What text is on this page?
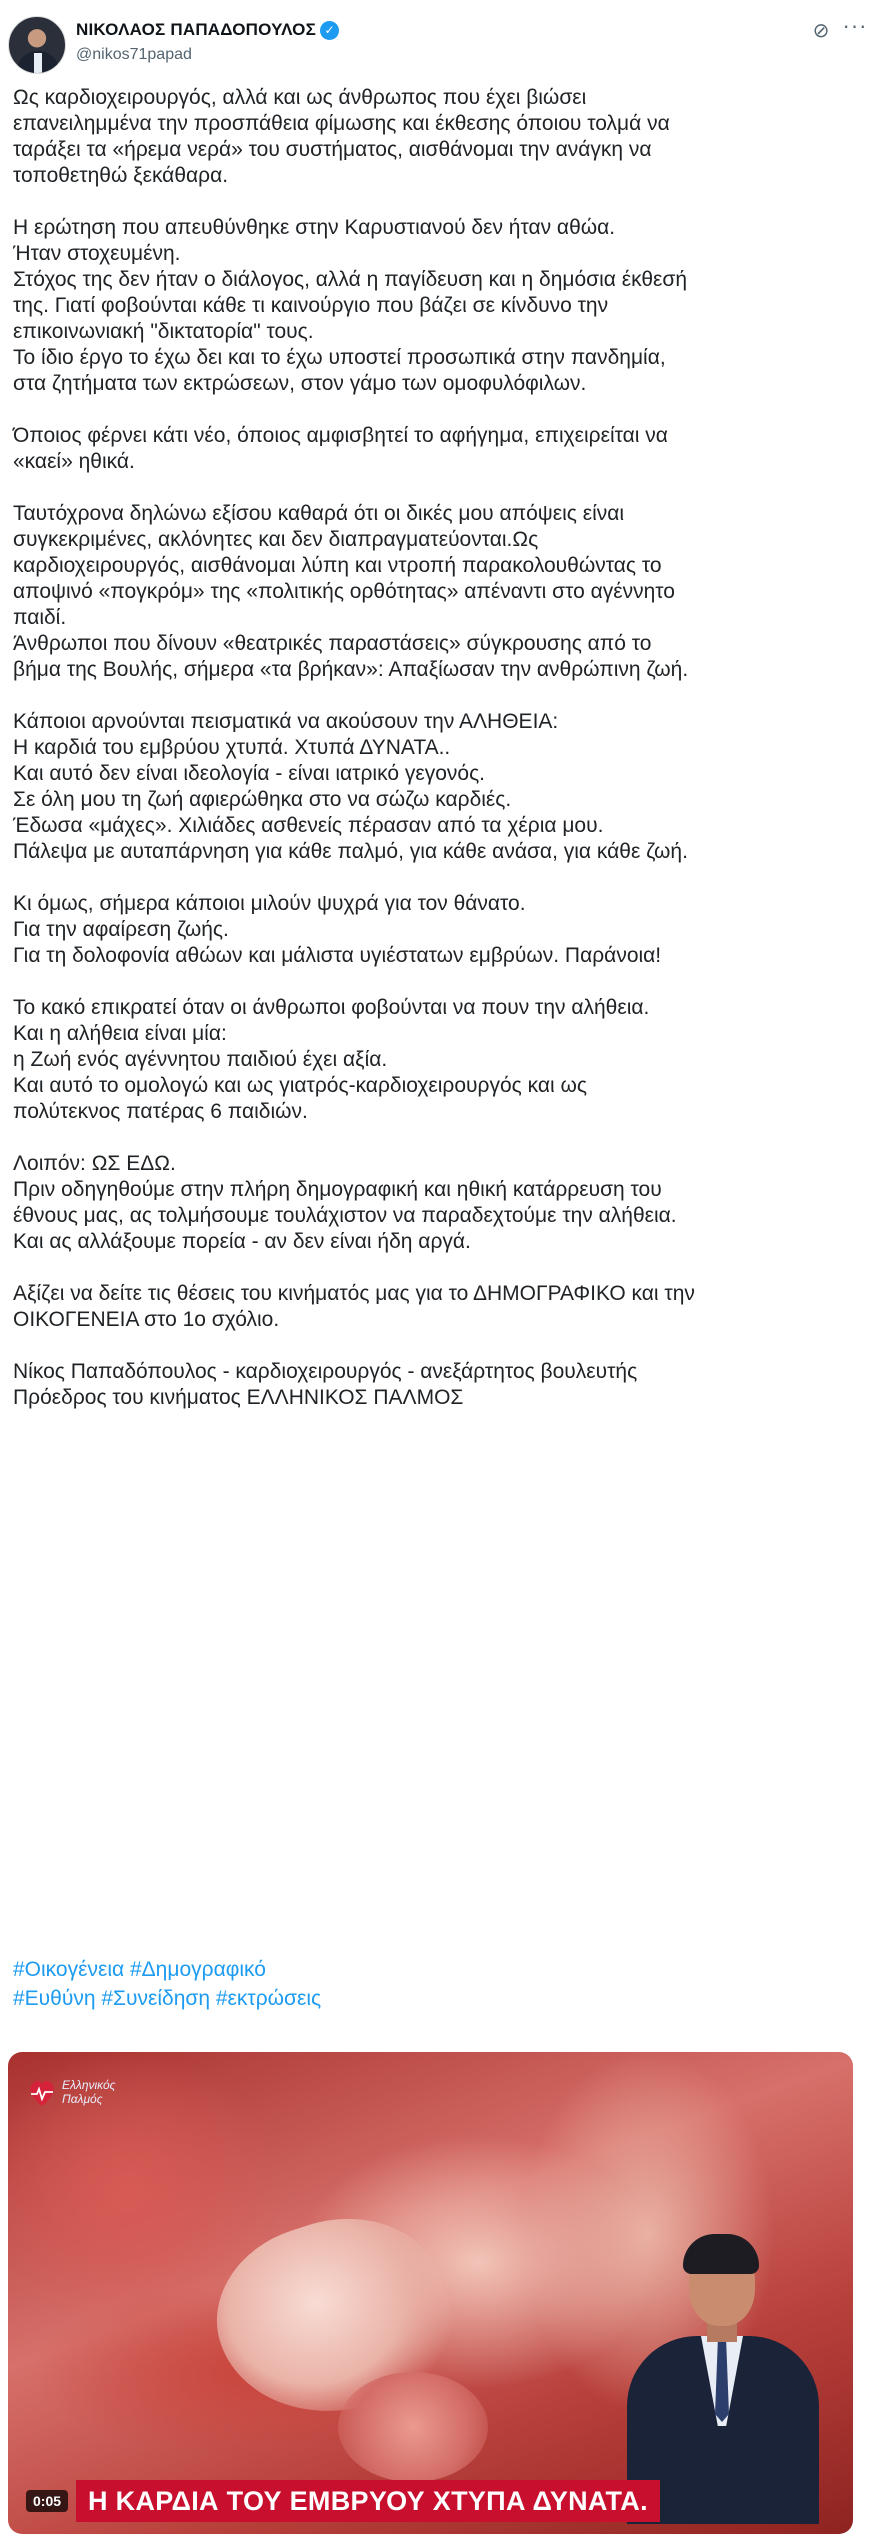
ΝΙΚΟΛΑΟΣ ΠΑΠΑΔΟΠΟΥΛΟΣ ✓
@nikos71papad
⊘ ···
Ως καρδιοχειρουργός, αλλά και ως άνθρωπος που έχει βιώσει
επανειλημμένα την προσπάθεια φίμωσης και έκθεσης όποιου τολμά να
ταράξει τα «ήρεμα νερά» του συστήματος, αισθάνομαι την ανάγκη να
τοποθετηθώ ξεκάθαρα.
Η ερώτηση που απευθύνθηκε στην Καρυστιανού δεν ήταν αθώα.
Ήταν στοχευμένη.
Στόχος της δεν ήταν ο διάλογος, αλλά η παγίδευση και η δημόσια έκθεσή
της. Γιατί φοβούνται κάθε τι καινούργιο που βάζει σε κίνδυνο την
επικοινωνιακή "δικτατορία" τους.
Το ίδιο έργο το έχω δει και το έχω υποστεί προσωπικά στην πανδημία,
στα ζητήματα των εκτρώσεων, στον γάμο των ομοφυλόφιλων.
Όποιος φέρνει κάτι νέο, όποιος αμφισβητεί το αφήγημα, επιχειρείται να
«καεί» ηθικά.
Ταυτόχρονα δηλώνω εξίσου καθαρά ότι οι δικές μου απόψεις είναι
συγκεκριμένες, ακλόνητες και δεν διαπραγματεύονται.Ως
καρδιοχειρουργός, αισθάνομαι λύπη και ντροπή παρακολουθώντας το
αποψινό «πογκρόμ» της «πολιτικής ορθότητας» απέναντι στο αγέννητο
παιδί.
Άνθρωποι που δίνουν «θεατρικές παραστάσεις» σύγκρουσης από το
βήμα της Βουλής, σήμερα «τα βρήκαν»: Απαξίωσαν την ανθρώπινη ζωή.
Κάποιοι αρνούνται πεισματικά να ακούσουν την ΑΛΗΘΕΙΑ:
Η καρδιά του εμβρύου χτυπά. Χτυπά ΔΥΝΑΤΑ..
Και αυτό δεν είναι ιδεολογία - είναι ιατρικό γεγονός.
Σε όλη μου τη ζωή αφιερώθηκα στο να σώζω καρδιές.
Έδωσα «μάχες». Χιλιάδες ασθενείς πέρασαν από τα χέρια μου.
Πάλεψα με αυταπάρνηση για κάθε παλμό, για κάθε ανάσα, για κάθε ζωή.
Κι όμως, σήμερα κάποιοι μιλούν ψυχρά για τον θάνατο.
Για την αφαίρεση ζωής.
Για τη δολοφονία αθώων και μάλιστα υγιέστατων εμβρύων. Παράνοια!
Το κακό επικρατεί όταν οι άνθρωποι φοβούνται να πουν την αλήθεια.
Και η αλήθεια είναι μία:
η Ζωή ενός αγέννητου παιδιού έχει αξία.
Και αυτό το ομολογώ και ως γιατρός-καρδιοχειρουργός και ως
πολύτεκνος πατέρας 6 παιδιών.
Λοιπόν: ΩΣ ΕΔΩ.
Πριν οδηγηθούμε στην πλήρη δημογραφική και ηθική κατάρρευση του
έθνους μας, ας τολμήσουμε τουλάχιστον να παραδεχτούμε την αλήθεια.
Και ας αλλάξουμε πορεία - αν δεν είναι ήδη αργά.
Αξίζει να δείτε τις θέσεις του κινήματός μας για το ΔΗΜΟΓΡΑΦΙΚΟ και την
ΟΙΚΟΓΕΝΕΙΑ στο 1ο σχόλιο.
Νίκος Παπαδόπουλος - καρδιοχειρουργός - ανεξάρτητος βουλευτής
Πρόεδρος του κινήματος ΕΛΛΗΝΙΚΟΣ ΠΑΛΜΟΣ
#Οικογένεια #Δημογραφικό
#Ευθύνη #Συνείδηση #εκτρώσεις
Ελληνικός
Παλμός
0:05	Η ΚΑΡΔΙΑ ΤΟΥ ΕΜΒΡΥΟΥ ΧΤΥΠΑ ΔΥΝΑΤΑ.
